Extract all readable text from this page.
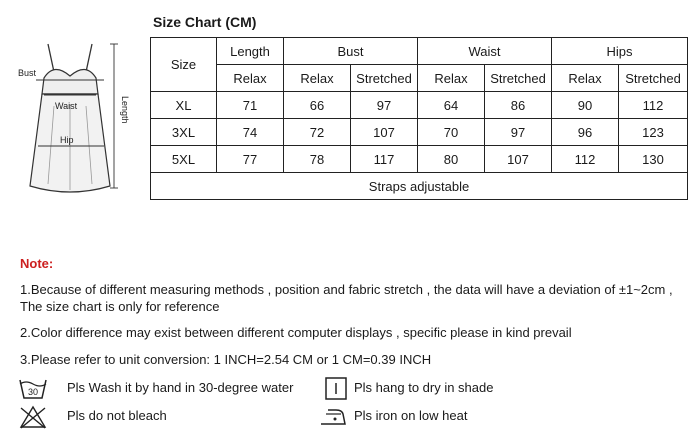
Bust
Waist
Hip
Length
Size Chart (CM)
Size	Length	Bust		Waist		Hips	
	Relax	Relax	Stretched	Relax	Stretched	Relax	Stretched
XL	71	66	97	64	86	90	112
3XL	74	72	107	70	97	96	123
5XL	77	78	117	80	107	112	130
Straps adjustable							
Note:
1.Because of different measuring methods , position and fabric stretch , the data will have a deviation of ±1~2cm ,
The size chart is only for reference
2.Color difference may exist between different computer displays , specific please in kind prevail
3.Please refer to unit conversion: 1 INCH=2.54 CM or 1 CM=0.39 INCH
30 Pls Wash it by hand in 30-degree water	Pls hang to dry in shade
Pls do not bleach	Pls iron on low heat
